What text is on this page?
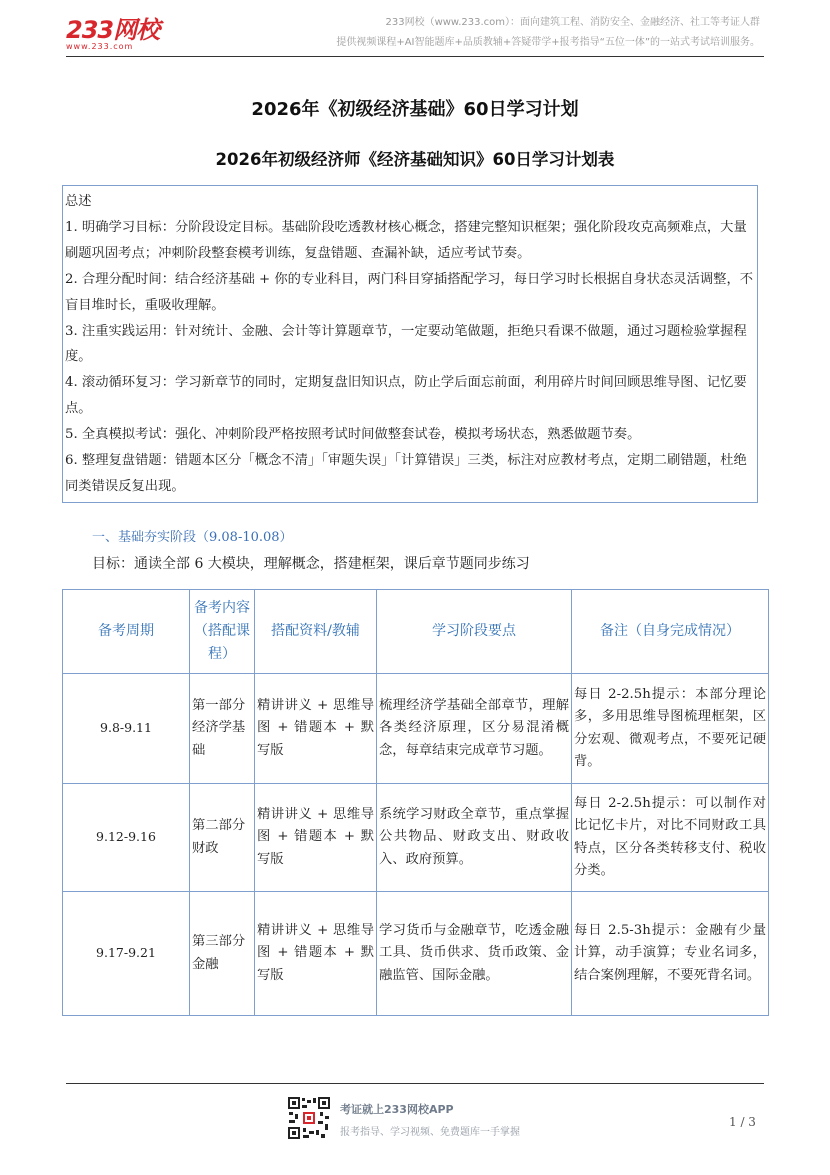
233网校
www.233.com
233网校（www.233.com）：面向建筑工程、消防安全、金融经济、社工等考证人群
提供视频课程+AI智能题库+品质教辅+答疑带学+报考指导“五位一体”的一站式考试培训服务。
2026年《初级经济基础》60日学习计划
2026年初级经济师《经济基础知识》60日学习计划表
总述
1. 明确学习目标：分阶段设定目标。基础阶段吃透教材核心概念，搭建完整知识框架；强化阶段攻克高频难点，大量刷题巩固考点；冲刺阶段整套模考训练，复盘错题、查漏补缺，适应考试节奏。
2. 合理分配时间：结合经济基础 + 你的专业科目，两门科目穿插搭配学习，每日学习时长根据自身状态灵活调整，不盲目堆时长，重吸收理解。
3. 注重实践运用：针对统计、金融、会计等计算题章节，一定要动笔做题，拒绝只看课不做题，通过习题检验掌握程度。
4. 滚动循环复习：学习新章节的同时，定期复盘旧知识点，防止学后面忘前面，利用碎片时间回顾思维导图、记忆要点。
5. 全真模拟考试：强化、冲刺阶段严格按照考试时间做整套试卷，模拟考场状态，熟悉做题节奏。
6. 整理复盘错题：错题本区分「概念不清」「审题失误」「计算错误」三类，标注对应教材考点，定期二刷错题，杜绝同类错误反复出现。
一、基础夯实阶段（9.08-10.08）
目标：通读全部 6 大模块，理解概念，搭建框架，课后章节题同步练习
备考周期	备考内容（搭配课程）	搭配资料/教辅	学习阶段要点	备注（自身完成情况）
9.8-9.11	第一部分经济学基础	精讲讲义 + 思维导图 + 错题本 + 默写版	梳理经济学基础全部章节，理解各类经济原理，区分易混淆概念，每章结束完成章节习题。	每日 2-2.5h提示：本部分理论多，多用思维导图梳理框架，区分宏观、微观考点，不要死记硬背。
9.12-9.16	第二部分财政	精讲讲义 + 思维导图 + 错题本 + 默写版	系统学习财政全章节，重点掌握公共物品、财政支出、财政收入、政府预算。	每日 2-2.5h提示：可以制作对比记忆卡片，对比不同财政工具特点，区分各类转移支付、税收分类。
9.17-9.21	第三部分金融	精讲讲义 + 思维导图 + 错题本 + 默写版	学习货币与金融章节，吃透金融工具、货币供求、货币政策、金融监管、国际金融。	每日 2.5-3h提示：金融有少量计算，动手演算；专业名词多，结合案例理解，不要死背名词。
考证就上233网校APP
报考指导、学习视频、免费题库一手掌握
1 / 3
